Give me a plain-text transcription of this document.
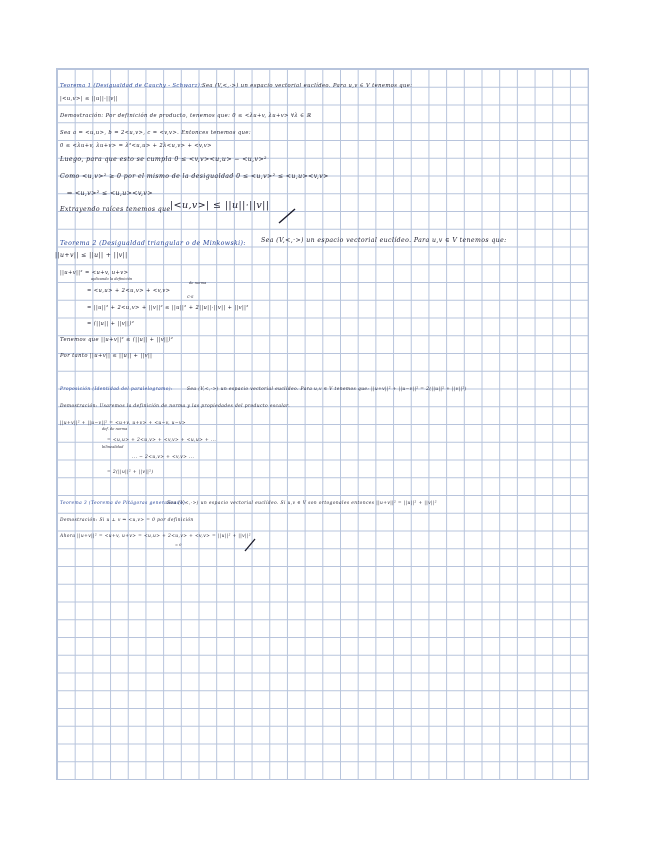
Teorema 1 (Desigualdad de Cauchy - Schwarz): Sea (V,<,·>) un espacio vectorial euclídeo. Para u,v ∈ V tenemos que:
|<u,v>| ≤ ||u||·||v||
Demostración: Por definición de producto, tenemos que: 0 ≤ <λu+v, λu+v> ∀λ ∈ ℝ
Sea a = <u,u>, b = 2<u,v>, c = <v,v>. Entonces tenemos que:
0 ≤ <λu+v, λu+v> = λ²<u,u> + 2λ<u,v> + <v,v>
Luego, para que esto se cumpla 0 ≤ <v,v><u,u> − <u,v>²
Como <u,v>² ≥ 0 por el mismo de la desigualdad 0 ≤ <u,v>² ≤ <u,u><v,v>
⇒ <u,v>² ≤ <u,u><v,v>
Extrayendo raíces tenemos que |<u,v>| ≤ ||u||·||v||
Teorema 2 (Desigualdad triangular o de Minkowski): Sea (V,<,·>) un espacio vectorial euclídeo. Para u,v ∈ V tenemos que:
||u+v|| ≤ ||u|| + ||v||
||u+v||² = <u+v, u+v>
aplicando la definición
= <u,u> + 2<u,v> + <v,v>
de norma
C-S
= ||u||² + 2<u,v> + ||v||² ≤ ||u||² + 2||u||·||v|| + ||v||²
= (||u|| + ||v||)²
Tenemos que ||u+v||² ≤ (||u|| + ||v||)²
Por tanto ||u+v|| ≤ ||u|| + ||v||
Proposición (Identidad del paralelogramo):	Sea (V,<,·>) un espacio vectorial euclídeo. Para u,v ∈ V tenemos que: ||u+v||² + ||u−v||² = 2(||u||² + ||v||²)
Demostración: Usaremos la definición de norma y las propiedades del producto escalar.
||u+v||² + ||u−v||² = <u+v, u+v> + <u−v, u−v>
def. de norma
= <u,u> + 2<u,v> + <v,v> + <u,u> + ...
bilinealidad
... − 2<u,v> + <v,v> ...
= 2(||u||² + ||v||²)
Teorema 3 (Teorema de Pitágoras generalizado):
Sea (V,<,·>) un espacio vectorial euclídeo. Si u,v ∈ V son ortogonales entonces ||u+v||² = ||u||² + ||v||²
Demostración: Si u ⊥ v ⇒ <u,v> = 0 por definición
Ahora ||u+v||² = <u+v, u+v> = <u,u> + 2<u,v> + <v,v> = ||u||² + ||v||²
= 0
